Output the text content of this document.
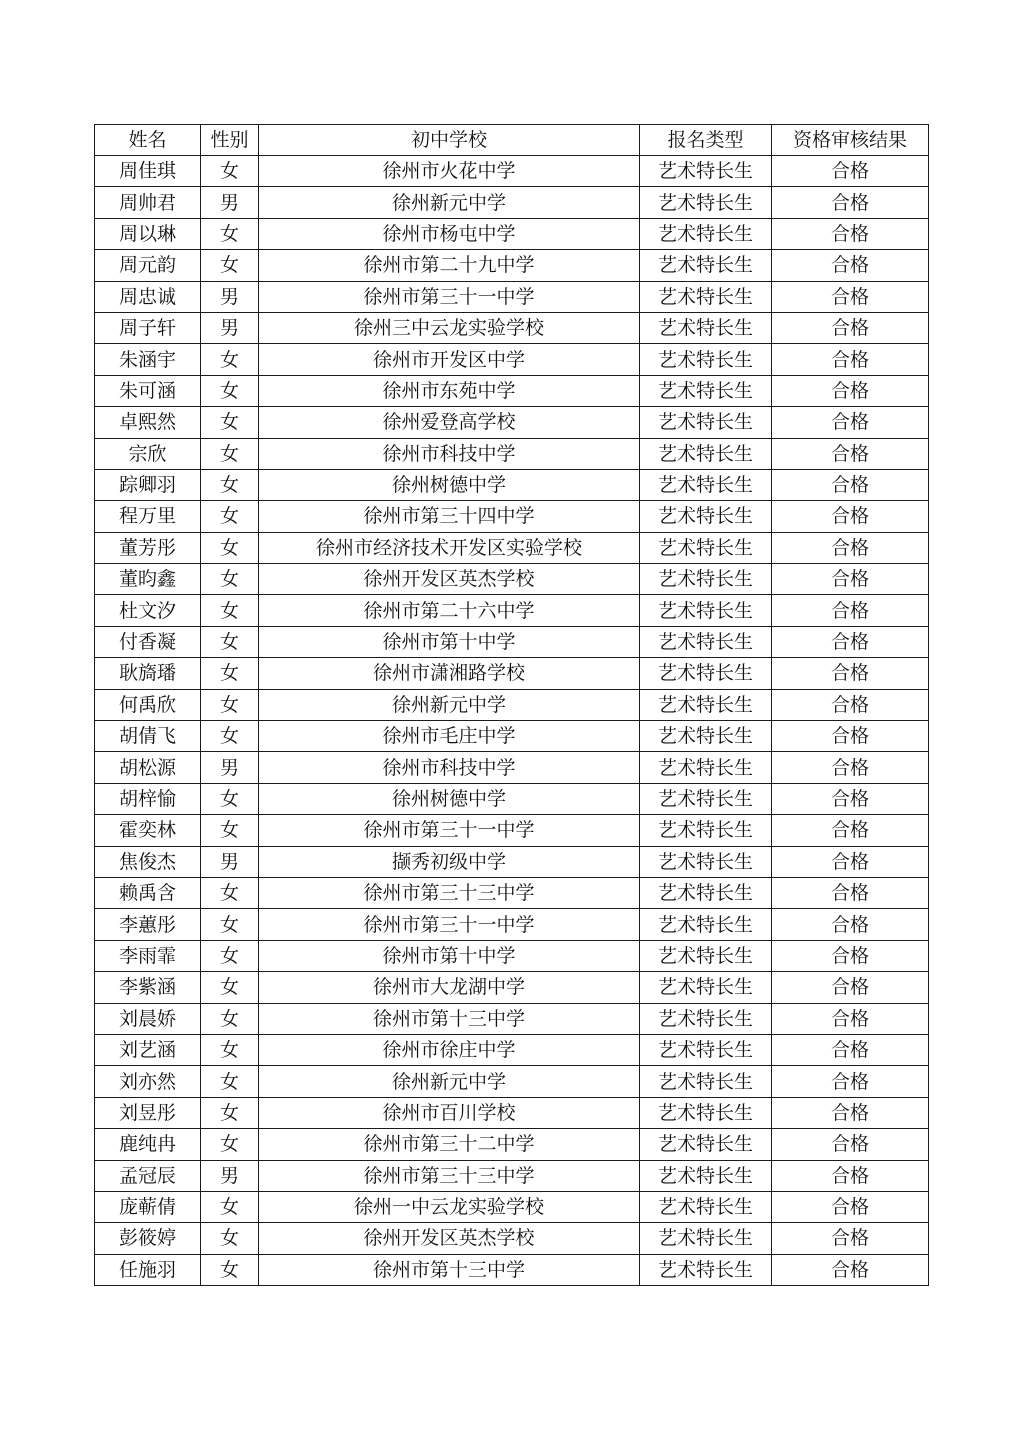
姓名	性别	初中学校	报名类型	资格审核结果
周佳琪	女	徐州市火花中学	艺术特长生	合格
周帅君	男	徐州新元中学	艺术特长生	合格
周以琳	女	徐州市杨屯中学	艺术特长生	合格
周元韵	女	徐州市第二十九中学	艺术特长生	合格
周忠诚	男	徐州市第三十一中学	艺术特长生	合格
周子轩	男	徐州三中云龙实验学校	艺术特长生	合格
朱涵宇	女	徐州市开发区中学	艺术特长生	合格
朱可涵	女	徐州市东苑中学	艺术特长生	合格
卓熙然	女	徐州爱登高学校	艺术特长生	合格
宗欣	女	徐州市科技中学	艺术特长生	合格
踪卿羽	女	徐州树德中学	艺术特长生	合格
程万里	女	徐州市第三十四中学	艺术特长生	合格
董芳彤	女	徐州市经济技术开发区实验学校	艺术特长生	合格
董昀鑫	女	徐州开发区英杰学校	艺术特长生	合格
杜文汐	女	徐州市第二十六中学	艺术特长生	合格
付香凝	女	徐州市第十中学	艺术特长生	合格
耿旖璠	女	徐州市潇湘路学校	艺术特长生	合格
何禹欣	女	徐州新元中学	艺术特长生	合格
胡倩飞	女	徐州市毛庄中学	艺术特长生	合格
胡松源	男	徐州市科技中学	艺术特长生	合格
胡梓愉	女	徐州树德中学	艺术特长生	合格
霍奕林	女	徐州市第三十一中学	艺术特长生	合格
焦俊杰	男	撷秀初级中学	艺术特长生	合格
赖禹含	女	徐州市第三十三中学	艺术特长生	合格
李蕙彤	女	徐州市第三十一中学	艺术特长生	合格
李雨霏	女	徐州市第十中学	艺术特长生	合格
李紫涵	女	徐州市大龙湖中学	艺术特长生	合格
刘晨娇	女	徐州市第十三中学	艺术特长生	合格
刘艺涵	女	徐州市徐庄中学	艺术特长生	合格
刘亦然	女	徐州新元中学	艺术特长生	合格
刘昱彤	女	徐州市百川学校	艺术特长生	合格
鹿纯冉	女	徐州市第三十二中学	艺术特长生	合格
孟冠辰	男	徐州市第三十三中学	艺术特长生	合格
庞蕲倩	女	徐州一中云龙实验学校	艺术特长生	合格
彭筱婷	女	徐州开发区英杰学校	艺术特长生	合格
任施羽	女	徐州市第十三中学	艺术特长生	合格
